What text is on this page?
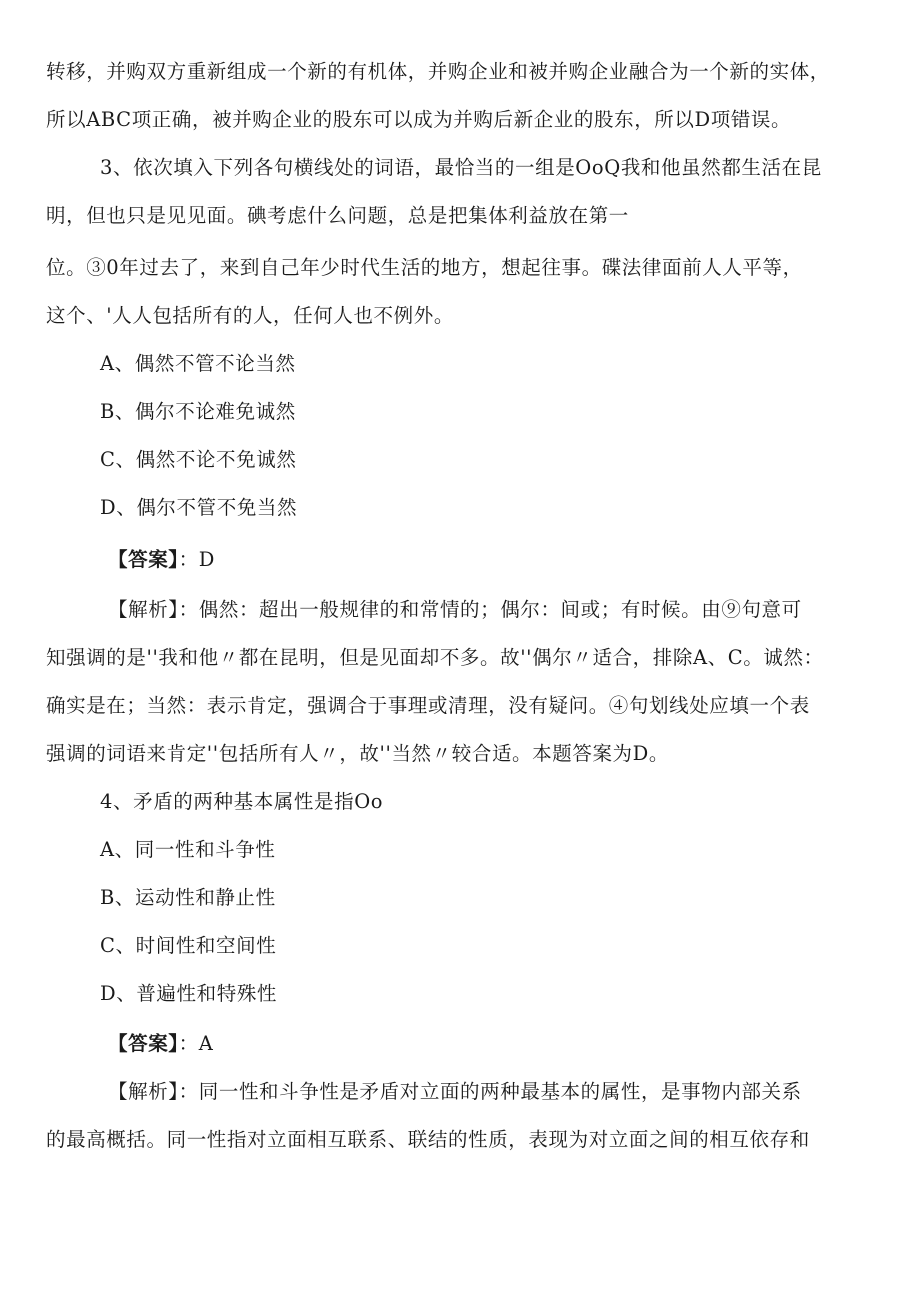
转移，并购双方重新组成一个新的有机体，并购企业和被并购企业融合为一个新的实体，
所以ABC项正确，被并购企业的股东可以成为并购后新企业的股东，所以D项错误。
3、依次填入下列各句横线处的词语，最恰当的一组是OoQ我和他虽然都生活在昆
明，但也只是见见面。碘考虑什么问题，总是把集体利益放在第一
位。③0年过去了，来到自己年少时代生活的地方，想起往事。碟法律面前人人平等，
这个、'人人包括所有的人，任何人也不例外。
A、偶然不管不论当然
B、偶尔不论难免诚然
C、偶然不论不免诚然
D、偶尔不管不免当然
【答案】：D
【解析】：偶然：超出一般规律的和常情的；偶尔：间或；有时候。由⑨句意可
知强调的是''我和他〃都在昆明，但是见面却不多。故''偶尔〃适合，排除A、C。诚然：
确实是在；当然：表示肯定，强调合于事理或清理，没有疑问。④句划线处应填一个表
强调的词语来肯定''包括所有人〃，故''当然〃较合适。本题答案为D。
4、矛盾的两种基本属性是指Oo
A、同一性和斗争性
B、运动性和静止性
C、时间性和空间性
D、普遍性和特殊性
【答案】：A
【解析】：同一性和斗争性是矛盾对立面的两种最基本的属性，是事物内部关系
的最高概括。同一性指对立面相互联系、联结的性质，表现为对立面之间的相互依存和
